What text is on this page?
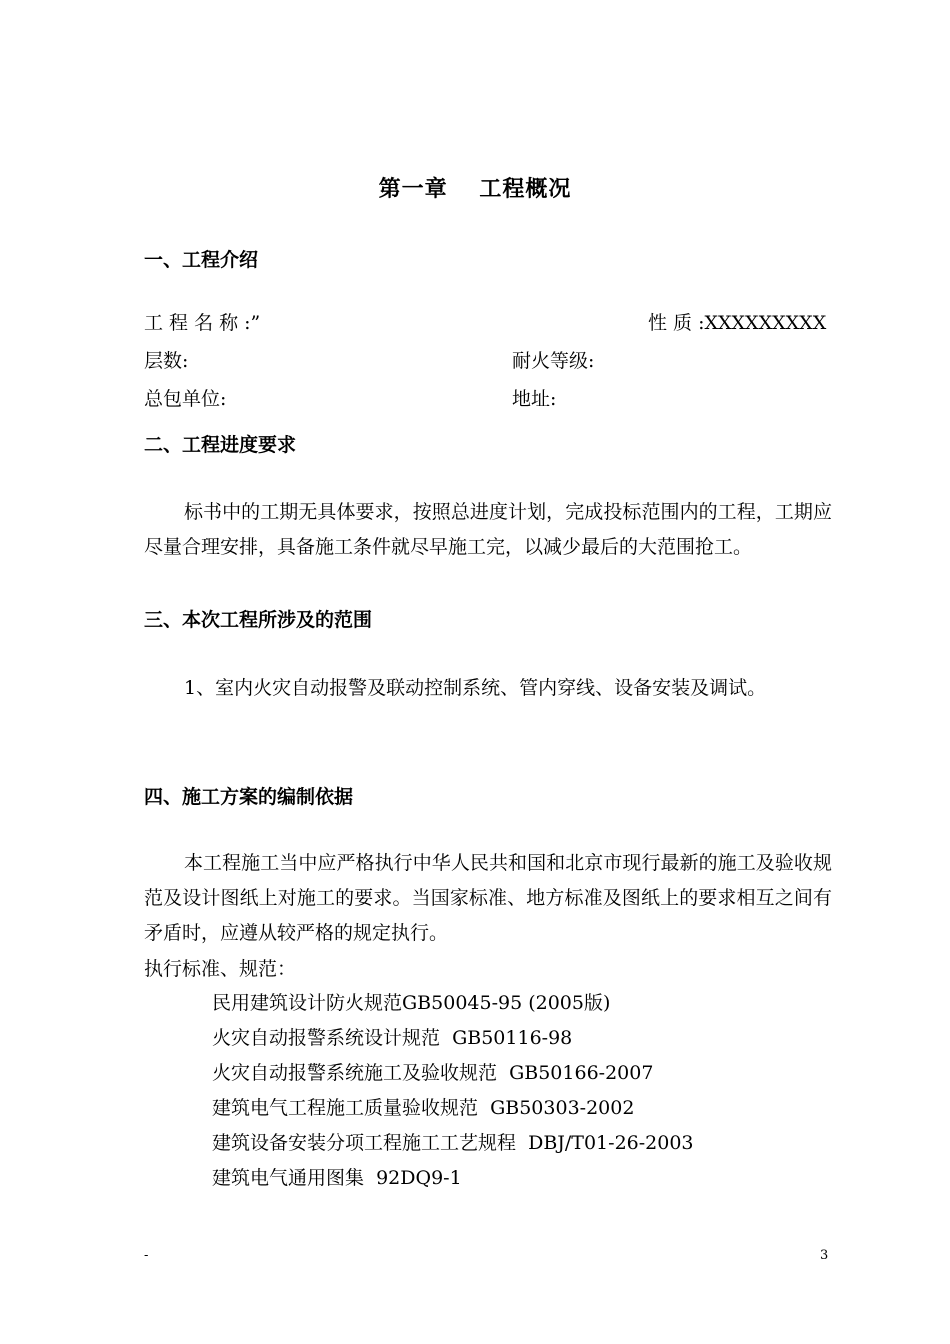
第一章　 工程概况
一、工程介绍
工 程 名 称 :”	性 质 :XXXXXXXXX
层数:	耐火等级:
总包单位:	地址:
二、工程进度要求

标书中的工期无具体要求，按照总进度计划，完成投标范围内的工程，工期应尽量合理安排，具备施工条件就尽早施工完，以减少最后的大范围抢工。

三、本次工程所涉及的范围

1、室内火灾自动报警及联动控制系统、管内穿线、设备安装及调试。

四、施工方案的编制依据

本工程施工当中应严格执行中华人民共和国和北京市现行最新的施工及验收规范及设计图纸上对施工的要求。当国家标准、地方标准及图纸上的要求相互之间有矛盾时，应遵从较严格的规定执行。

执行标准、规范：
民用建筑设计防火规范GB50045-95 (2005版)
火灾自动报警系统设计规范  GB50116-98
火灾自动报警系统施工及验收规范  GB50166-2007
建筑电气工程施工质量验收规范  GB50303-2002
建筑设备安装分项工程施工工艺规程  DBJ/T01-26-2003
建筑电气通用图集  92DQ9-1
-	3
